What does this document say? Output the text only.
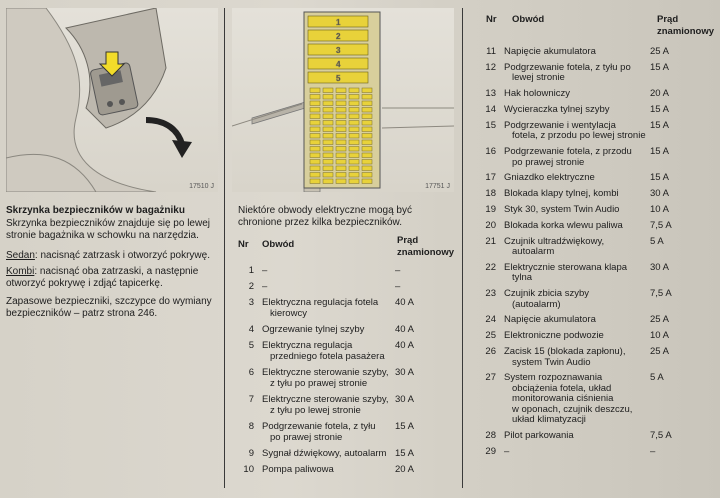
17510 J
Skrzynka bezpieczników w bagażniku
Skrzynka bezpieczników znajduje się po lewej
stronie bagażnika w schowku na narzędzia.
Sedan: nacisnąć zatrzask i otworzyć pokrywę.
Kombi: nacisnąć oba zatrzaski, a następnie
otworzyć pokrywę i zdjąć tapicerkę.
Zapasowe bezpieczniki, szczypce do wymiany
bezpieczników – patrz strona 246.
1
2
3
4
5
17751 J
Niektóre obwody elektryczne mogą być
chronione przez kilka bezpieczników.
Nr Obwód	Prąd
znamionowy
1 –	–
2 –	–
3 Elektryczna regulacja fotela
kierowcy
40 A
4 Ogrzewanie tylnej szyby	40 A
5 Elektryczna regulacja
przedniego fotela pasażera
40 A
6 Elektryczne sterowanie szyby,
z tyłu po prawej stronie
30 A
7 Elektryczne sterowanie szyby,
z tyłu po lewej stronie
30 A
8 Podgrzewanie fotela, z tyłu
po prawej stronie
15 A
9 Sygnał dźwiękowy, autoalarm 15 A
10 Pompa paliwowa	20 A
Nr Obwód	Prąd
znamionowy
11 Napięcie akumulatora	25 A
12 Podgrzewanie fotela, z tyłu po
lewej stronie
15 A
13 Hak holowniczy	20 A
14 Wycieraczka tylnej szyby	15 A
15 Podgrzewanie i wentylacja
fotela, z przodu po lewej stronie
15 A
16 Podgrzewanie fotela, z przodu
po prawej stronie
15 A
17 Gniazdko elektryczne	15 A
18 Blokada klapy tylnej, kombi	30 A
19 Styk 30, system Twin Audio	10 A
20 Blokada korka wlewu paliwa	7,5 A
21 Czujnik ultradźwiękowy,
autoalarm
5 A
22 Elektrycznie sterowana klapa
tylna
30 A
23 Czujnik zbicia szyby
(autoalarm)
7,5 A
24 Napięcie akumulatora	25 A
25 Elektroniczne podwozie	10 A
26 Zacisk 15 (blokada zapłonu),
system Twin Audio
25 A
27 System rozpoznawania
obciążenia fotela, układ
monitorowania ciśnienia
w oponach, czujnik deszczu,
układ klimatyzacji
5 A
28 Pilot parkowania	7,5 A
29 –	–
